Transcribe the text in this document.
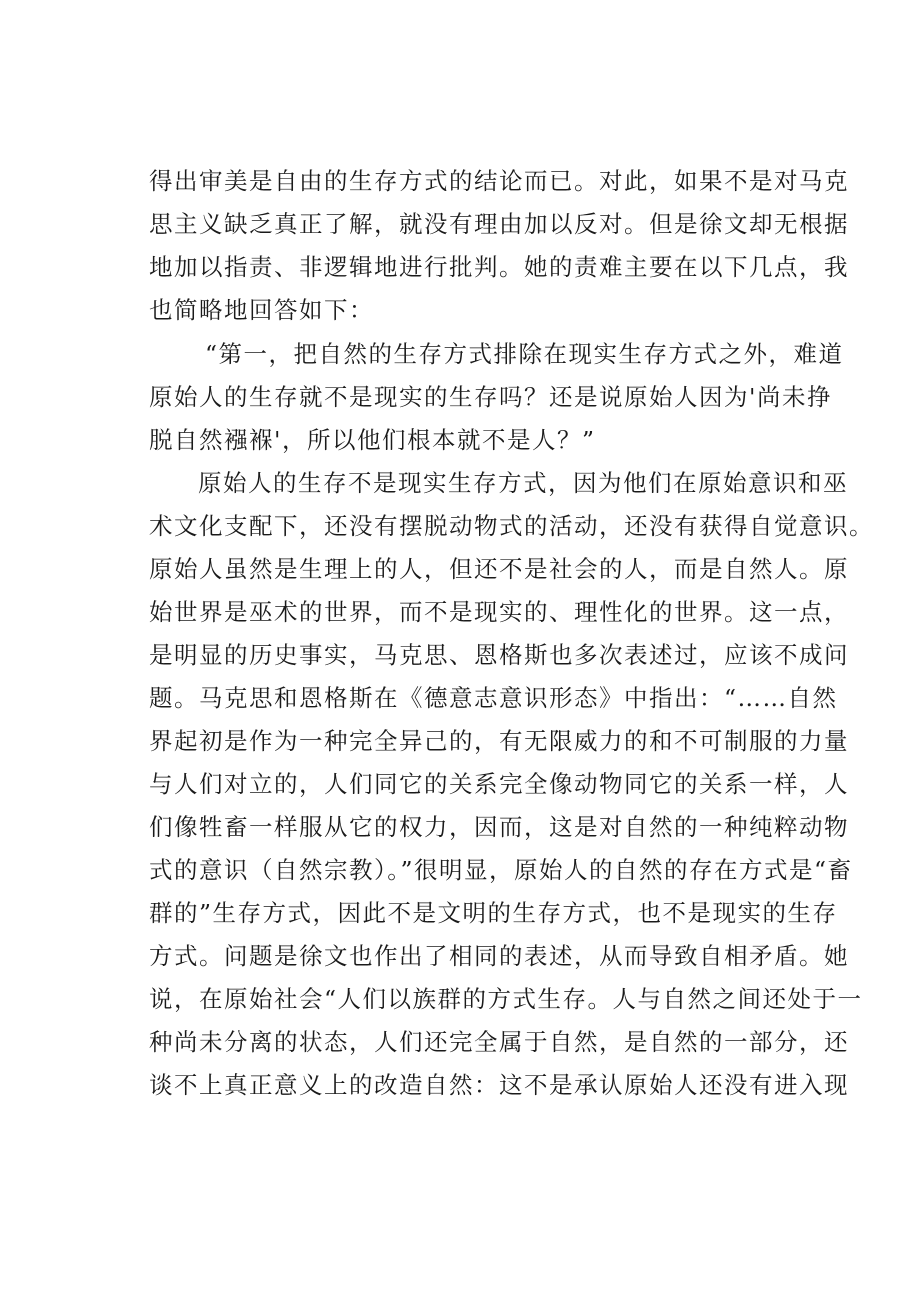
得出审美是自由的生存方式的结论而已。对此，如果不是对马克
思主义缺乏真正了解，就没有理由加以反对。但是徐文却无根据
地加以指责、非逻辑地进行批判。她的责难主要在以下几点，我
也简略地回答如下：
“第一，把自然的生存方式排除在现实生存方式之外，难道
原始人的生存就不是现实的生存吗？还是说原始人因为'尚未挣
脱自然襁褓'，所以他们根本就不是人？”
原始人的生存不是现实生存方式，因为他们在原始意识和巫
术文化支配下，还没有摆脱动物式的活动，还没有获得自觉意识。
原始人虽然是生理上的人，但还不是社会的人，而是自然人。原
始世界是巫术的世界，而不是现实的、理性化的世界。这一点，
是明显的历史事实，马克思、恩格斯也多次表述过，应该不成问
题。马克思和恩格斯在《德意志意识形态》中指出：“……自然
界起初是作为一种完全异己的，有无限威力的和不可制服的力量
与人们对立的，人们同它的关系完全像动物同它的关系一样，人
们像牲畜一样服从它的权力，因而，这是对自然的一种纯粹动物
式的意识（自然宗教）。”很明显，原始人的自然的存在方式是“畜
群的”生存方式，因此不是文明的生存方式，也不是现实的生存
方式。问题是徐文也作出了相同的表述，从而导致自相矛盾。她
说，在原始社会“人们以族群的方式生存。人与自然之间还处于一
种尚未分离的状态，人们还完全属于自然，是自然的一部分，还
谈不上真正意义上的改造自然：这不是承认原始人还没有进入现
